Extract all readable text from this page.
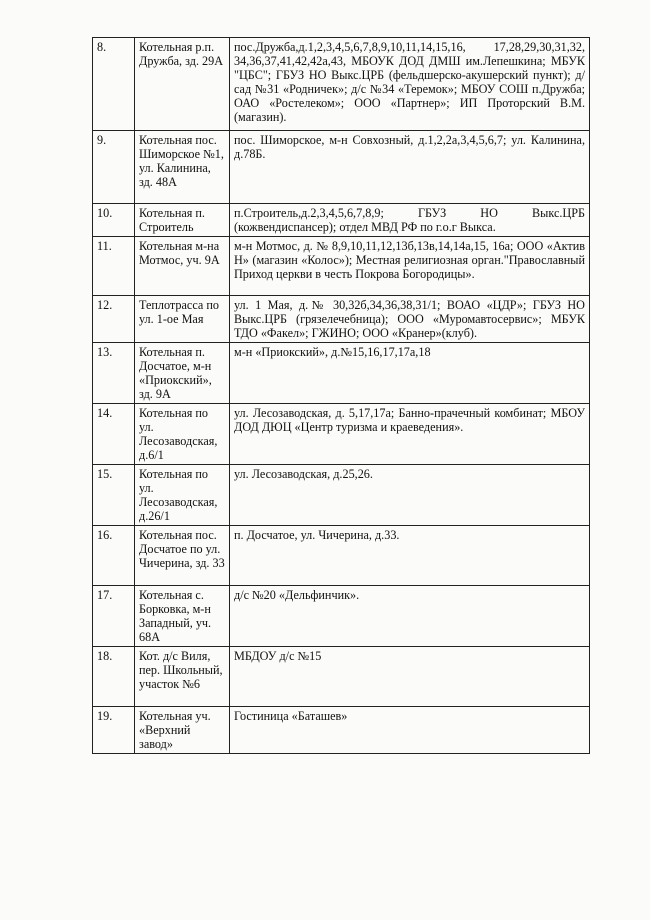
8.	Котельная р.п. Дружба, зд. 29А	пос.Дружба,д.1,2,3,4,5,6,7,8,9,10,11,14,15,16, 17,28,29,30,31,32, 34,36,37,41,42,42а,43, МБОУК ДОД ДМШ им.Лепешкина; МБУК "ЦБС"; ГБУЗ НО Выкс.ЦРБ (фельдшерско-акушерский пункт); д/сад №31 «Родничек»; д/с №34 «Теремок»; МБОУ СОШ п.Дружба; ОАО «Ростелеком»; ООО «Партнер»; ИП Проторский В.М.(магазин).
9.	Котельная пос. Шиморское №1, ул. Калинина, зд. 48А	пос. Шиморское, м-н Совхозный, д.1,2,2а,3,4,5,6,7; ул. Калинина, д.78Б.
10.	Котельная п. Строитель	п.Строитель,д.2,3,4,5,6,7,8,9; ГБУЗ НО Выкс.ЦРБ (кожвендиспансер); отдел МВД РФ по г.о.г Выкса.
11.	Котельная м-на Мотмос, уч. 9А	м-н Мотмос, д. № 8,9,10,11,12,13б,13в,14,14а,15, 16а; ООО «Актив Н» (магазин «Колос»); Местная религиозная орган."Православный Приход церкви в честь Покрова Богородицы».
12.	Теплотрасса по ул. 1-ое Мая	ул. 1 Мая, д.№ 30,32б,34,36,38,31/1; ВОАО «ЦДР»; ГБУЗ НО Выкс.ЦРБ (грязелечебница); ООО «Муромавтосервис»; МБУК ТДО «Факел»; ГЖИНО; ООО «Кранер»(клуб).
13.	Котельная п. Досчатое, м-н «Приокский», зд. 9А	м-н «Приокский», д.№15,16,17,17а,18
14.	Котельная по ул. Лесозаводская, д.6/1	ул. Лесозаводская, д. 5,17,17а; Банно-прачечный комбинат; МБОУ ДОД ДЮЦ «Центр туризма и краеведения».
15.	Котельная по ул. Лесозаводская, д.26/1	ул. Лесозаводская, д.25,26.
16.	Котельная пос. Досчатое по ул. Чичерина, зд. 33	п. Досчатое, ул. Чичерина, д.33.
17.	Котельная с. Борковка, м-н Западный, уч. 68А	д/с №20 «Дельфинчик».
18.	Кот. д/с Виля, пер. Школьный, участок №6	МБДОУ д/с №15
19.	Котельная уч. «Верхний завод»	Гостиница «Баташев»
